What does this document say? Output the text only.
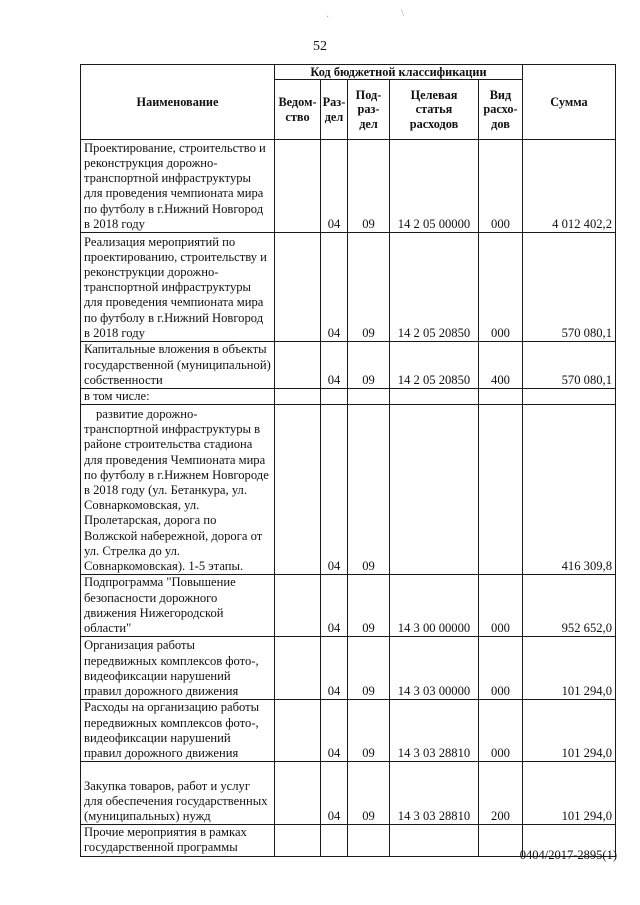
52
·	\
Наименование	Код бюджетной классификации					Сумма
	Ведом-ство	Раз-дел	Под-раз-дел	Целевая статья расходов	Вид расхо-дов	
Проектирование, строительство и реконструкция дорожно-транспортной инфраструктуры для проведения чемпионата мира по футболу в г.Нижний Новгород в 2018 году		04	09	14 2 05 00000	000	4 012 402,2
Реализация мероприятий по проектированию, строительству и реконструкции дорожно-транспортной инфраструктуры для проведения чемпионата мира по футболу в г.Нижний Новгород в 2018 году		04	09	14 2 05 20850	000	570 080,1
Капитальные вложения в объекты государственной (муниципальной) собственности		04	09	14 2 05 20850	400	570 080,1
в том числе:						
развитие дорожно-транспортной инфраструктуры в районе строительства стадиона для проведения Чемпионата мира по футболу в г.Нижнем Новгороде в 2018 году (ул. Бетанкура, ул. Совнаркомовская, ул. Пролетарская, дорога по Волжской набережной, дорога от ул. Стрелка до ул. Совнаркомовская). 1-5 этапы.		04	09			416 309,8
Подпрограмма "Повышение безопасности дорожного движения Нижегородской области"		04	09	14 3 00 00000	000	952 652,0
Организация работы передвижных комплексов фото-, видеофиксации нарушений правил дорожного движения		04	09	14 3 03 00000	000	101 294,0
Расходы на организацию работы передвижных комплексов фото-, видеофиксации нарушений правил дорожного движения		04	09	14 3 03 28810	000	101 294,0
Закупка товаров, работ и услуг для обеспечения государственных (муниципальных) нужд		04	09	14 3 03 28810	200	101 294,0
Прочие мероприятия в рамках государственной программы						
0404/2017-2895(1)
